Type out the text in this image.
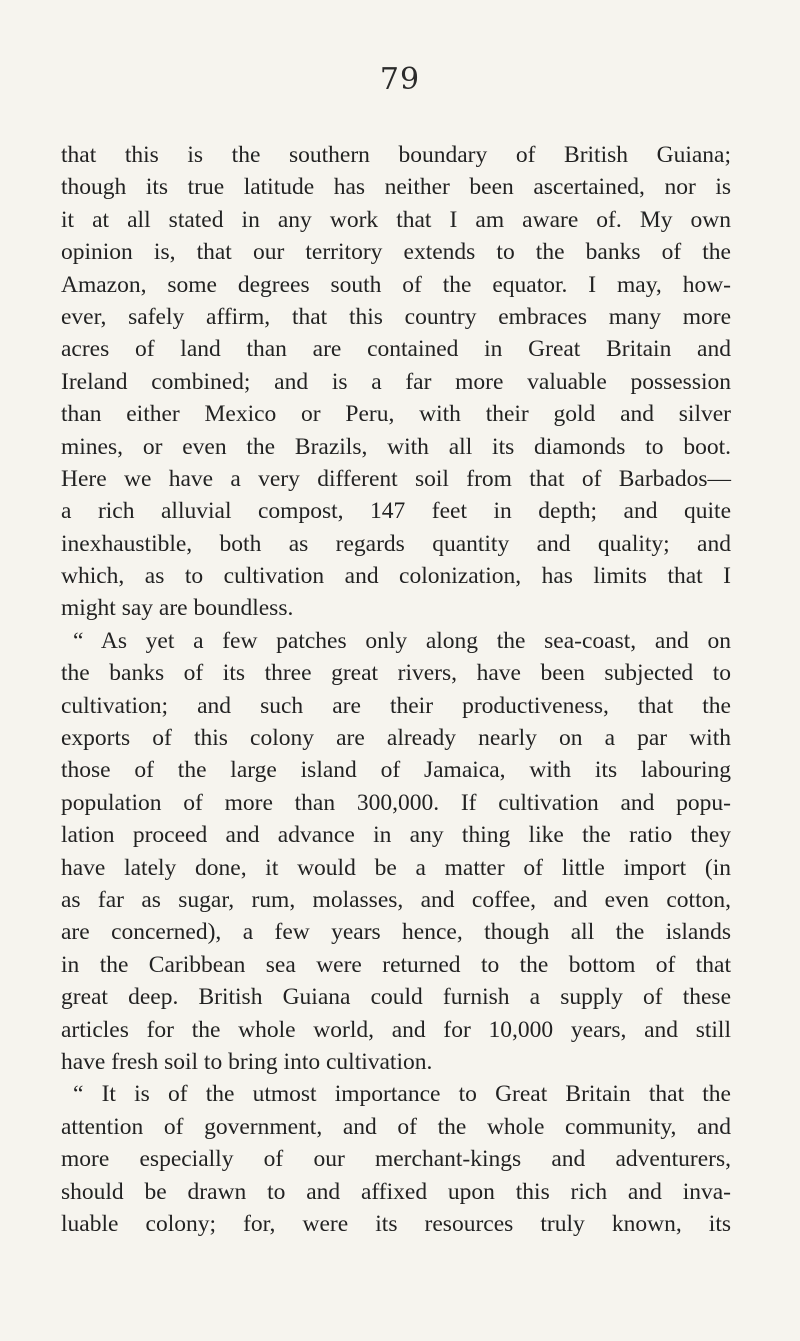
79
that this is the southern boundary of British Guiana;
though its true latitude has neither been ascertained, nor is
it at all stated in any work that I am aware of. My own
opinion is, that our territory extends to the banks of the
Amazon, some degrees south of the equator. I may, how-
ever, safely affirm, that this country embraces many more
acres of land than are contained in Great Britain and
Ireland combined; and is a far more valuable possession
than either Mexico or Peru, with their gold and silver
mines, or even the Brazils, with all its diamonds to boot.
Here we have a very different soil from that of Barbados—
a rich alluvial compost, 147 feet in depth; and quite
inexhaustible, both as regards quantity and quality; and
which, as to cultivation and colonization, has limits that I
might say are boundless.
“ As yet a few patches only along the sea-coast, and on
the banks of its three great rivers, have been subjected to
cultivation; and such are their productiveness, that the
exports of this colony are already nearly on a par with
those of the large island of Jamaica, with its labouring
population of more than 300,000. If cultivation and popu-
lation proceed and advance in any thing like the ratio they
have lately done, it would be a matter of little import (in
as far as sugar, rum, molasses, and coffee, and even cotton,
are concerned), a few years hence, though all the islands
in the Caribbean sea were returned to the bottom of that
great deep. British Guiana could furnish a supply of these
articles for the whole world, and for 10,000 years, and still
have fresh soil to bring into cultivation.
“ It is of the utmost importance to Great Britain that the
attention of government, and of the whole community, and
more especially of our merchant-kings and adventurers,
should be drawn to and affixed upon this rich and inva-
luable colony; for, were its resources truly known, its
